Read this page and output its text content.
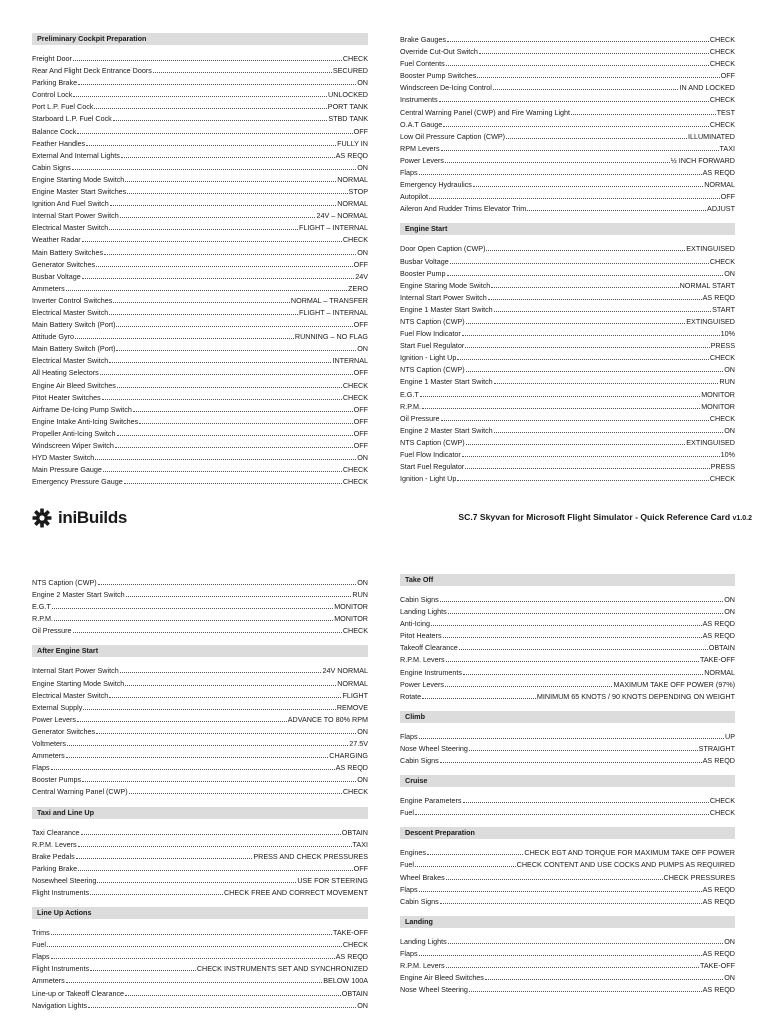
Preliminary Cockpit Preparation
Freight Door	CHECK
Rear And Flight Deck Entrance Doors	SECURED
Parking Brake	ON
Control Lock	UNLOCKED
Port L.P. Fuel Cock	PORT TANK
Starboard L.P. Fuel Cock	STBD TANK
Balance Cock	OFF
Feather Handles	FULLY IN
External And Internal Lights	AS REQD
Cabin Signs	ON
Engine Starting Mode Switch	NORMAL
Engine Master Start Switches	STOP
Ignition And Fuel Switch	NORMAL
Internal Start Power Switch	24V – NORMAL
Electrical Master Switch	FLIGHT – INTERNAL
Weather Radar	CHECK
Main Battery Switches	ON
Generator Switches	OFF
Busbar Voltage	24V
Ammeters	ZERO
Inverter Control Switches	NORMAL – TRANSFER
Electrical Master Switch	FLIGHT – INTERNAL
Main Battery Switch (Port)	OFF
Attitude Gyro	RUNNING – NO FLAG
Main Battery Switch (Port)	ON
Electrical Master Switch	INTERNAL
All Heating Selectors	OFF
Engine Air Bleed Switches	CHECK
Pitot Heater Switches	CHECK
Airframe De-Icing Pump Switch	OFF
Engine Intake Anti-Icing Switches	OFF
Propeller Anti-Icing Switch	OFF
Windscreen Wiper Switch	OFF
HYD Master Switch	ON
Main Pressure Gauge	CHECK
Emergency Pressure Gauge	CHECK
Brake Gauges	CHECK
Override Cut-Out Switch	CHECK
Fuel Contents	CHECK
Booster Pump Switches	OFF
Windscreen De-Icing Control	IN AND LOCKED
Instruments	CHECK
Central Warning Panel (CWP) and Fire Warning Light	TEST
O.A.T Gauge	CHECK
Low Oil Pressure Caption (CWP)	ILLUMINATED
RPM Levers	TAXI
Power Levers	½ INCH FORWARD
Flaps	AS REQD
Emergency Hydraulics	NORMAL
Autopilot	OFF
Aileron And Rudder Trims Elevator Trim	ADJUST
Engine Start
Door Open Caption (CWP)	EXTINGUISED
Busbar Voltage	CHECK
Booster Pump	ON
Engine Staring Mode Switch	NORMAL START
Internal Start Power Switch	AS REQD
Engine 1 Master Start Switch	START
NTS Caption (CWP)	EXTINGUISED
Fuel Flow Indicator	10%
Start Fuel Regulator	PRESS
Ignition - Light Up	CHECK
NTS Caption (CWP)	ON
Engine 1 Master Start Switch	RUN
E.G.T	MONITOR
R.P.M.	MONITOR
Oil Pressure	CHECK
Engine 2 Master Start Switch	ON
NTS Caption (CWP)	EXTINGUISED
Fuel Flow Indicator	10%
Start Fuel Regulator	PRESS
Ignition - Light Up	CHECK
iniBuilds	SC.7 Skyvan for Microsoft Flight Simulator - Quick Reference Card v1.0.2
NTS Caption (CWP)	ON
Engine 2 Master Start Switch	RUN
E.G.T	MONITOR
R.P.M.	MONITOR
Oil Pressure	CHECK
After Engine Start
Internal Start Power Switch	24V NORMAL
Engine Starting Mode Switch	NORMAL
Electrical Master Switch	FLIGHT
External Supply	REMOVE
Power Levers	ADVANCE TO 80% RPM
Generator Switches	ON
Voltmeters	27.5V
Ammeters	CHARGING
Flaps	AS REQD
Booster Pumps	ON
Central Warning Panel (CWP)	CHECK
Taxi and Line Up
Taxi Clearance	OBTAIN
R.P.M. Levers	TAXI
Brake Pedals	PRESS AND CHECK PRESSURES
Parking Brake	OFF
Nosewheel Steering	USE FOR STEERING
Flight Instruments	CHECK FREE AND CORRECT MOVEMENT
Line Up Actions
Trims	TAKE-OFF
Fuel	CHECK
Flaps	AS REQD
Flight Instruments	CHECK INSTRUMENTS SET AND SYNCHRONIZED
Ammeters	BELOW 100A
Line-up or Takeoff Clearance	OBTAIN
Navigation Lights	ON
Take Off
Cabin Signs	ON
Landing Lights	ON
Anti-Icing	AS REQD
Pitot Heaters	AS REQD
Takeoff Clearance	OBTAIN
R.P.M. Levers	TAKE-OFF
Engine Instruments	NORMAL
Power Levers	MAXIMUM TAKE OFF POWER (97%)
Rotate	MINIMUM 65 KNOTS / 90 KNOTS DEPENDING ON WEIGHT
Climb
Flaps	UP
Nose Wheel Steering	STRAIGHT
Cabin Signs	AS REQD
Cruise
Engine Parameters	CHECK
Fuel	CHECK
Descent Preparation
Engines	CHECK EGT AND TORQUE FOR MAXIMUM TAKE OFF POWER
Fuel	CHECK CONTENT AND USE COCKS AND PUMPS AS REQUIRED
Wheel Brakes	CHECK PRESSURES
Flaps	AS REQD
Cabin Signs	AS REQD
Landing
Landing Lights	ON
Flaps	AS REQD
R.P.M. Levers	TAKE-OFF
Engine Air Bleed Switches	ON
Nose Wheel Steering	AS REQD
